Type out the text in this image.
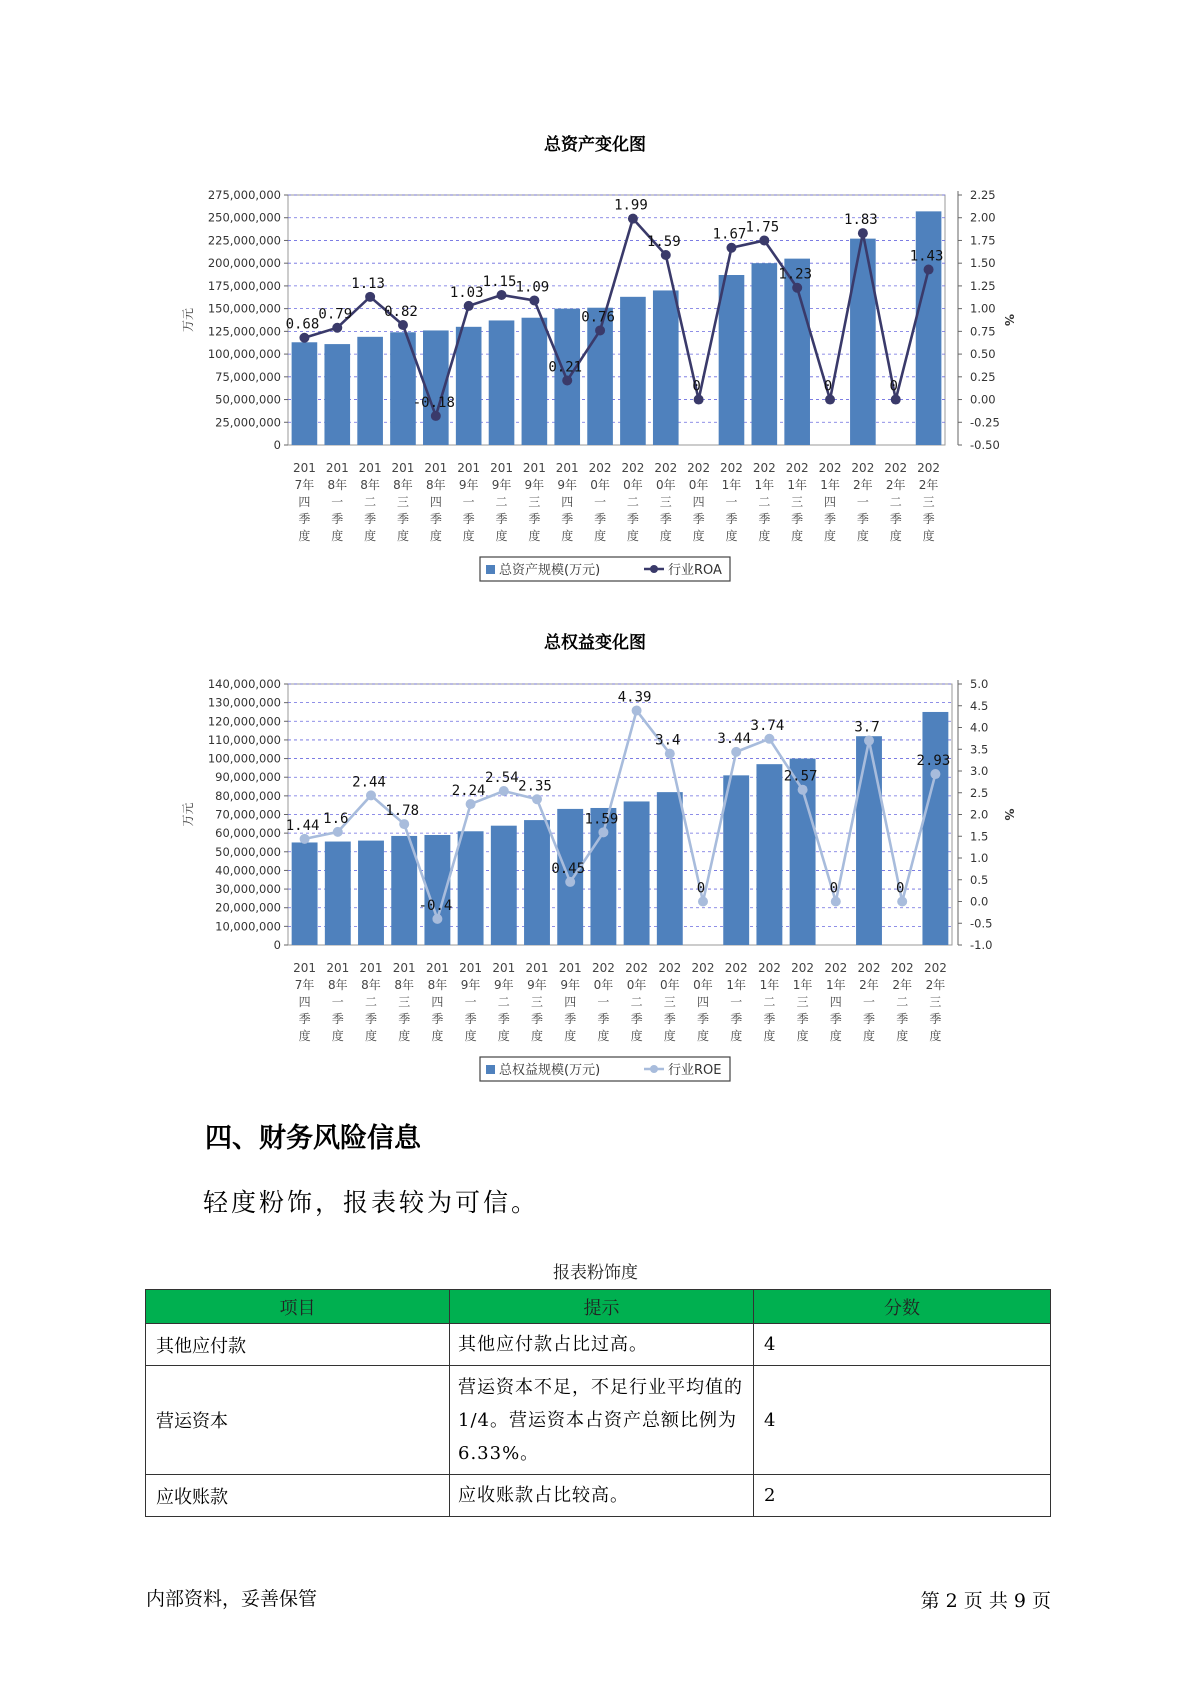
总资产变化图
0
25,000,000
50,000,000
75,000,000
100,000,000
125,000,000
150,000,000
175,000,000
200,000,000
225,000,000
250,000,000
275,000,000
-0.50
-0.25
0.00
0.25
0.50
0.75
1.00
1.25
1.50
1.75
2.00
2.25
万元	%
201 7年四季度
201 8年一季度
201 8年二季度
201 8年三季度
201 8年四季度
201 9年一季度
201 9年二季度
201 9年三季度
201 9年四季度
202 0年一季度
202 0年二季度
202 0年三季度
202 0年四季度
202 1年一季度
202 1年二季度
202 1年三季度
202 1年四季度
202 2年一季度
202 2年二季度
202 2年三季度
0.68
0.79
1.13
0.82
-0.18
1.03
1.15 1.09
0.21
0.76
1.99
1.59
0
1.67 1.75
1.23
0
1.83
0
1.43
总资产规模(万元)	行业ROA
总权益变化图
0
10,000,000
20,000,000
30,000,000
40,000,000
50,000,000
60,000,000
70,000,000
80,000,000
90,000,000
100,000,000
110,000,000
120,000,000
130,000,000
140,000,000
-1.0
-0.5
0.0
0.5
1.0
1.5
2.0
2.5
3.0
3.5
4.0
4.5
5.0
万元	%
201 7年四季度
201 8年一季度
201 8年二季度
201 8年三季度
201 8年四季度
201 9年一季度
201 9年二季度
201 9年三季度
201 9年四季度
202 0年一季度
202 0年二季度
202 0年三季度
202 0年四季度
202 1年一季度
202 1年二季度
202 1年三季度
202 1年四季度
202 2年一季度
202 2年二季度
202 2年三季度
1.44 1.6
2.44
1.78
-0.4
2.24
2.54
2.35
0.45
1.59
4.39
3.4
0
3.44
3.74
2.57
0
3.7
0
2.93
总权益规模(万元)	行业ROE
四、财务风险信息

轻度粉饰，报表较为可信。

报表粉饰度
项目	提示	分数
其他应付款	其他应付款占比过高。	4
营运资本	营运资本不足，不足行业平均值的1/4。营运资本占资产总额比例为6.33%。	4
应收账款	应收账款占比较高。	2
内部资料，妥善保管	第 2 页 共 9 页
